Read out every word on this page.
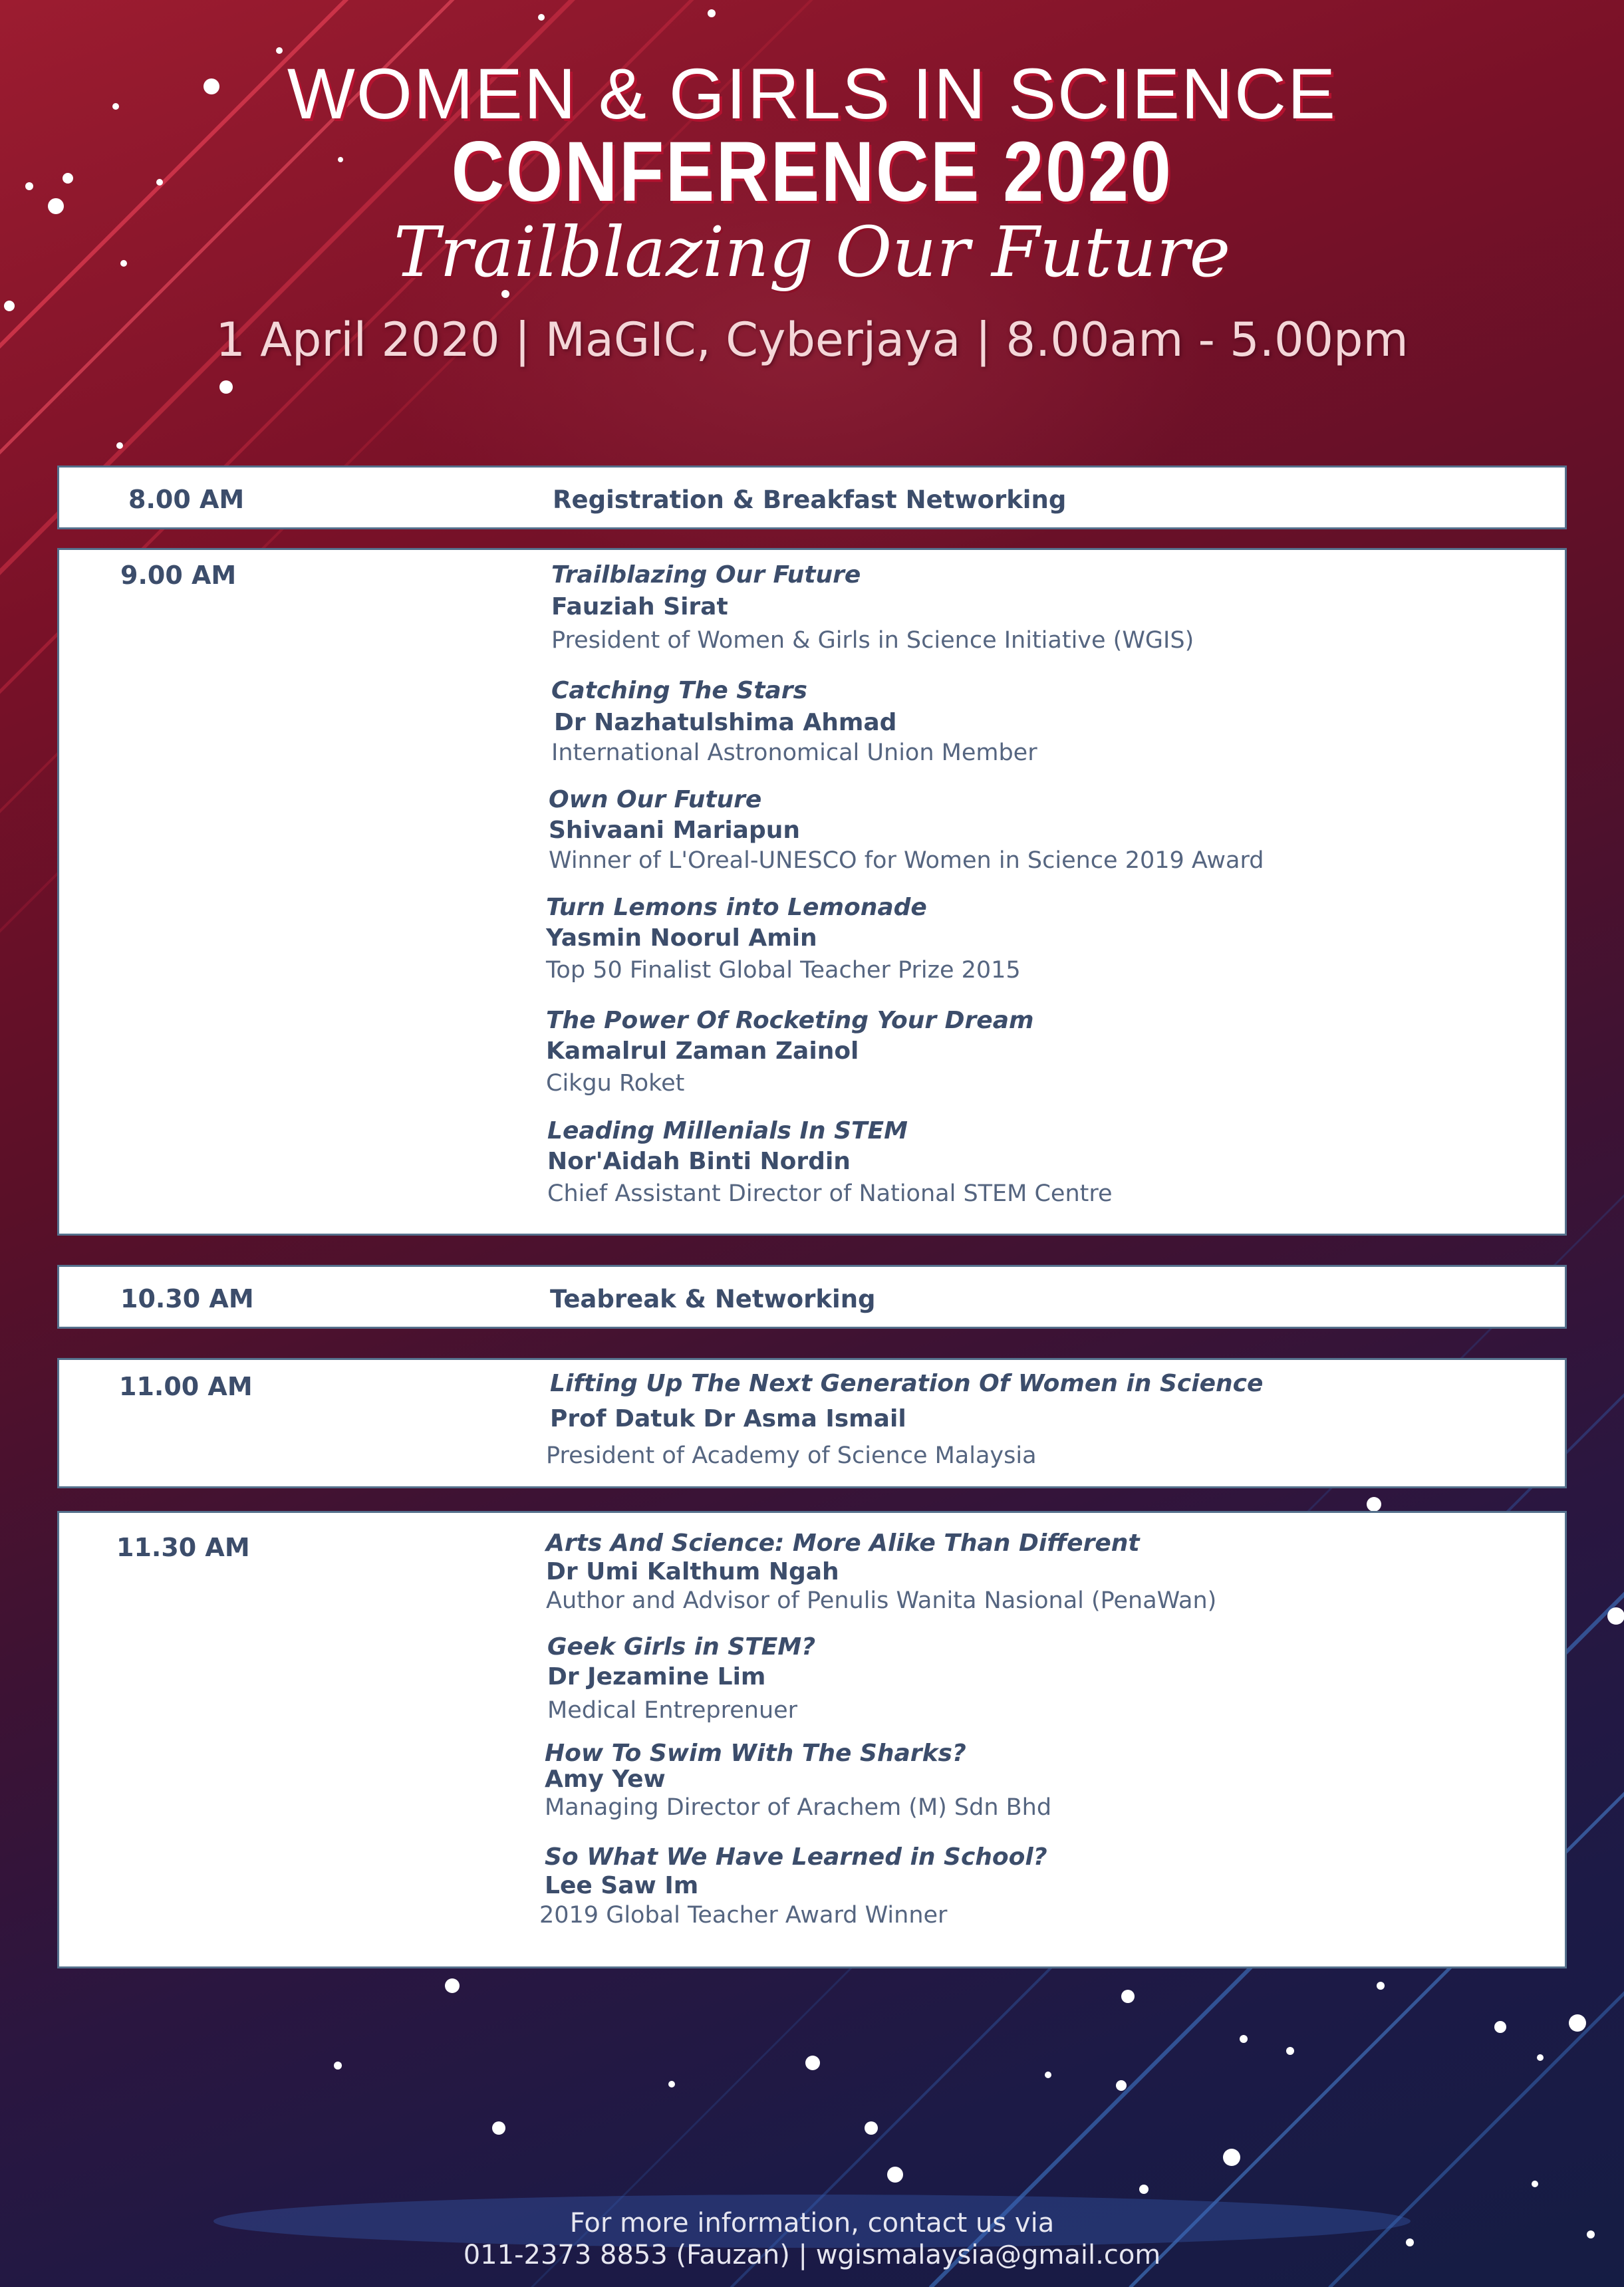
WOMEN & GIRLS IN SCIENCE
CONFERENCE 2020
Trailblazing Our Future
1 April 2020 | MaGIC, Cyberjaya | 8.00am - 5.00pm
8.00 AM	Registration & Breakfast Networking
9.00 AM	Trailblazing Our Future
Fauziah Sirat
President of Women & Girls in Science Initiative (WGIS)
Catching The Stars
Dr Nazhatulshima Ahmad
International Astronomical Union Member
Own Our Future
Shivaani Mariapun
Winner of L'Oreal-UNESCO for Women in Science 2019 Award
Turn Lemons into Lemonade
Yasmin Noorul Amin
Top 50 Finalist Global Teacher Prize 2015
The Power Of Rocketing Your Dream
Kamalrul Zaman Zainol
Cikgu Roket
Leading Millenials In STEM
Nor'Aidah Binti Nordin
Chief Assistant Director of National STEM Centre
10.30 AM	Teabreak & Networking
11.00 AM	Lifting Up The Next Generation Of Women in Science
Prof Datuk Dr Asma Ismail
President of Academy of Science Malaysia
11.30 AM	Arts And Science: More Alike Than Different
Dr Umi Kalthum Ngah
Author and Advisor of Penulis Wanita Nasional (PenaWan)
Geek Girls in STEM?
Dr Jezamine Lim
Medical Entreprenuer
How To Swim With The Sharks?
Amy Yew
Managing Director of Arachem (M) Sdn Bhd
So What We Have Learned in School?
Lee Saw Im
2019 Global Teacher Award Winner
For more information, contact us via
011-2373 8853 (Fauzan) | wgismalaysia@gmail.com
